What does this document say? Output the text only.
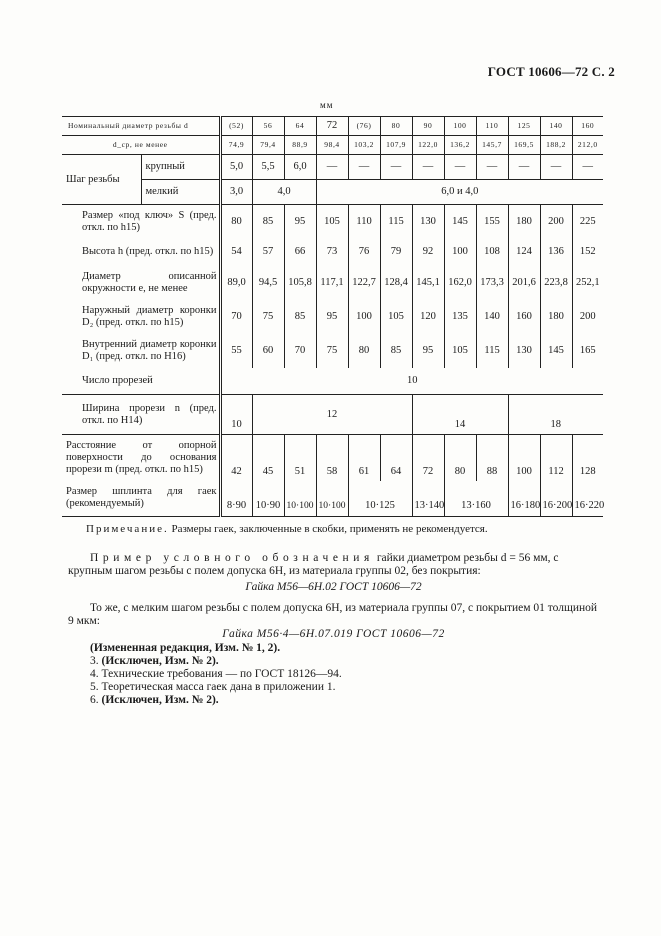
ГОСТ 10606—72 С. 2
мм
Номинальный диаметр резьбы d		(52)	56	64	72	(76)	80	90	100	110	125	140	160
d_ср, не менее		74,9	79,4	88,9	98,4	103,2	107,9	122,0	136,2	145,7	169,5	188,2	212,0
Шаг резьбы	крупный	5,0	5,5	6,0	—	—	—	—	—	—	—	—	—
	мелкий	3,0	4,0		6,0 и 4,0								
Размер «под ключ» S (пред. откл. по h15)		80	85	95	105	110	115	130	145	155	180	200	225
Высота h (пред. откл. по h15)		54	57	66	73	76	79	92	100	108	124	136	152
Диаметр описанной окружности e, не менее		89,0	94,5	105,8	117,1	122,7	128,4	145,1	162,0	173,3	201,6	223,8	252,1
Наружный диаметр коронки D₂ (пред. откл. по h15)		70	75	85	95	100	105	120	135	140	160	180	200
Внутренний диаметр коронки D₁ (пред. откл. по H16)		55	60	70	75	80	85	95	105	115	130	145	165
Число прорезей		10											
Ширина прорези n (пред. откл. по H14)		10	12					14			18		
Расстояние от опорной поверхности до основания прорези m (пред. откл. по h15)		42	45	51	58	61	64	72	80	88	100	112	128
Размер шплинта для гаек (рекомендуемый)		8·90	10·90	10·100	10·100	10·125		13·140	13·160		16·180	16·200	16·220
Примечание. Размеры гаек, заключенные в скобки, применять не рекомендуется.
Пример условного обозначения гайки диаметром резьбы d = 56 мм, с крупным шагом резьбы с полем допуска 6H, из материала группы 02, без покрытия:
Гайка М56—6H.02 ГОСТ 10606—72
То же, с мелким шагом резьбы с полем допуска 6H, из материала группы 07, с покрытием 01 толщиной 9 мкм:
Гайка М56·4—6H.07.019 ГОСТ 10606—72
(Измененная редакция, Изм. № 1, 2).
3. (Исключен, Изм. № 2).
4. Технические требования — по ГОСТ 18126—94.
5. Теоретическая масса гаек дана в приложении 1.
6. (Исключен, Изм. № 2).
